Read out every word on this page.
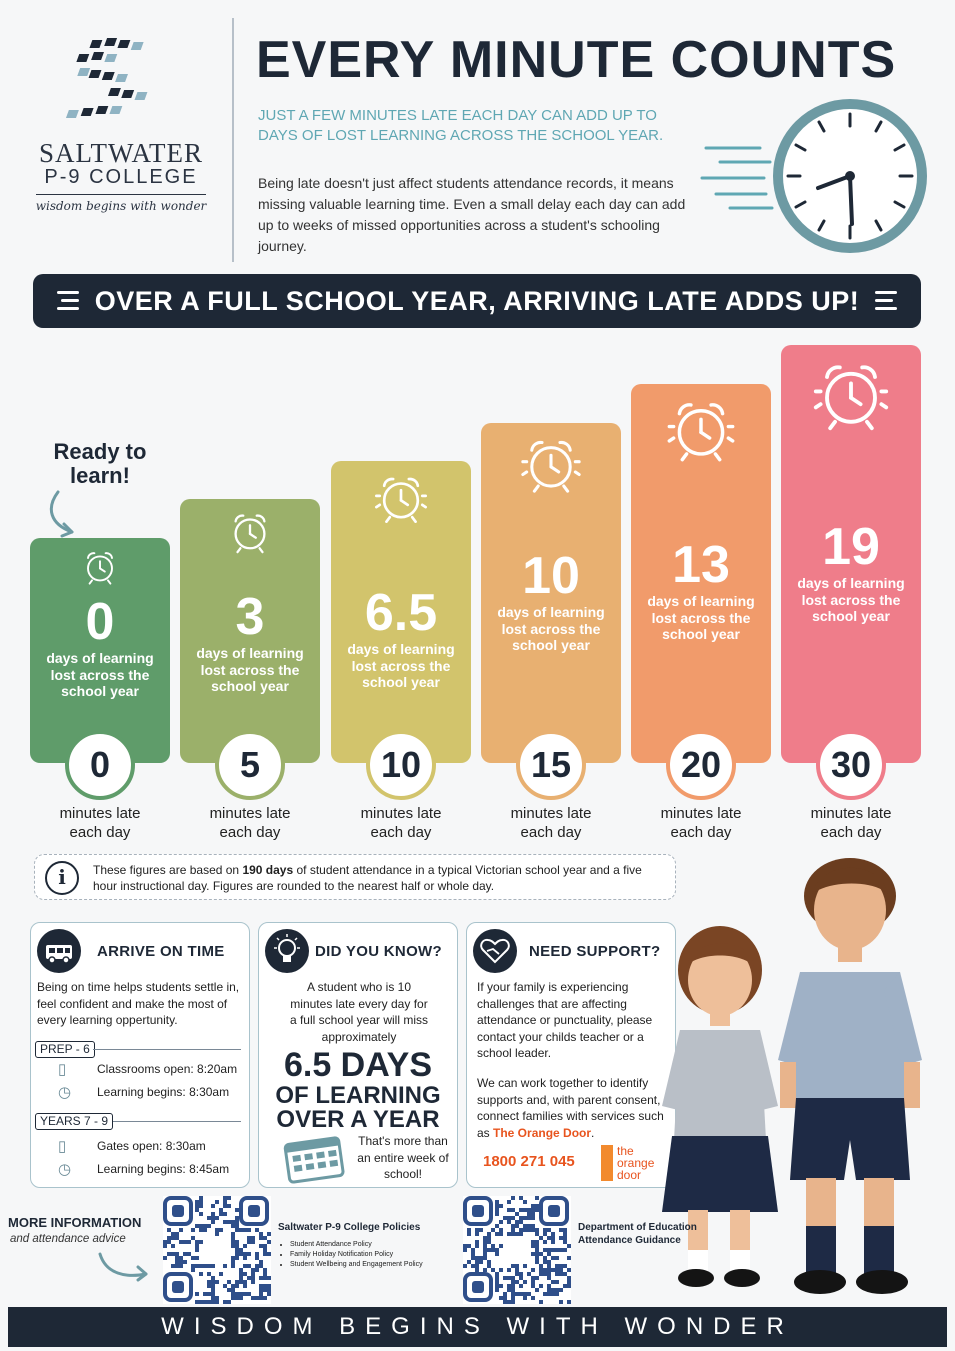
SALTWATER
P-9 COLLEGE
wisdom begins with wonder
EVERY MINUTE COUNTS
JUST A FEW MINUTES LATE EACH DAY CAN ADD UP TO DAYS OF LOST LEARNING ACROSS THE SCHOOL YEAR.
Being late doesn't just affect students attendance records, it means missing valuable learning time. Even a small delay each day can add up to weeks of missed opportunities across a student's schooling journey.
OVER A FULL SCHOOL YEAR, ARRIVING LATE ADDS UP!
Ready to learn!
0
days of learning lost across the school year
0
minutes late each day
3
days of learning lost across the school year
5
minutes late each day
6.5
days of learning lost across the school year
10
minutes late each day
10
days of learning lost across the school year
15
minutes late each day
13
days of learning lost across the school year
20
minutes late each day
19
days of learning lost across the school year
30
minutes late each day
i	These figures are based on 190 days of student attendance in a typical Victorian school year and a five hour instructional day. Figures are rounded to the nearest half or whole day.
ARRIVE ON TIME
Being on time helps students settle in, feel confident and make the most of every learning oppertunity.
PREP - 6
▯	Classrooms open: 8:20am
◷ Learning begins: 8:30am
YEARS 7 - 9
▯	Gates open: 8:30am
◷ Learning begins: 8:45am
DID YOU KNOW?
A student who is 10 minutes late every day for a full school year will miss approximately
6.5 DAYS
OF LEARNING
OVER A YEAR
That's more than an entire week of school!
NEED SUPPORT?
If your family is experiencing challenges that are affecting attendance or punctuality, please contact your childs teacher or a school leader.
We can work together to identify supports and, with parent consent, connect families with services such as The Orange Door.
1800 271 045
the orange door
MORE INFORMATION
and attendance advice
Saltwater P-9 College Policies
• Student Attendance Policy
• Family Holiday Notification Policy
• Student Wellbeing and Engagement Policy
Department of Education Attendance Guidance
WISDOM BEGINS WITH WONDER
